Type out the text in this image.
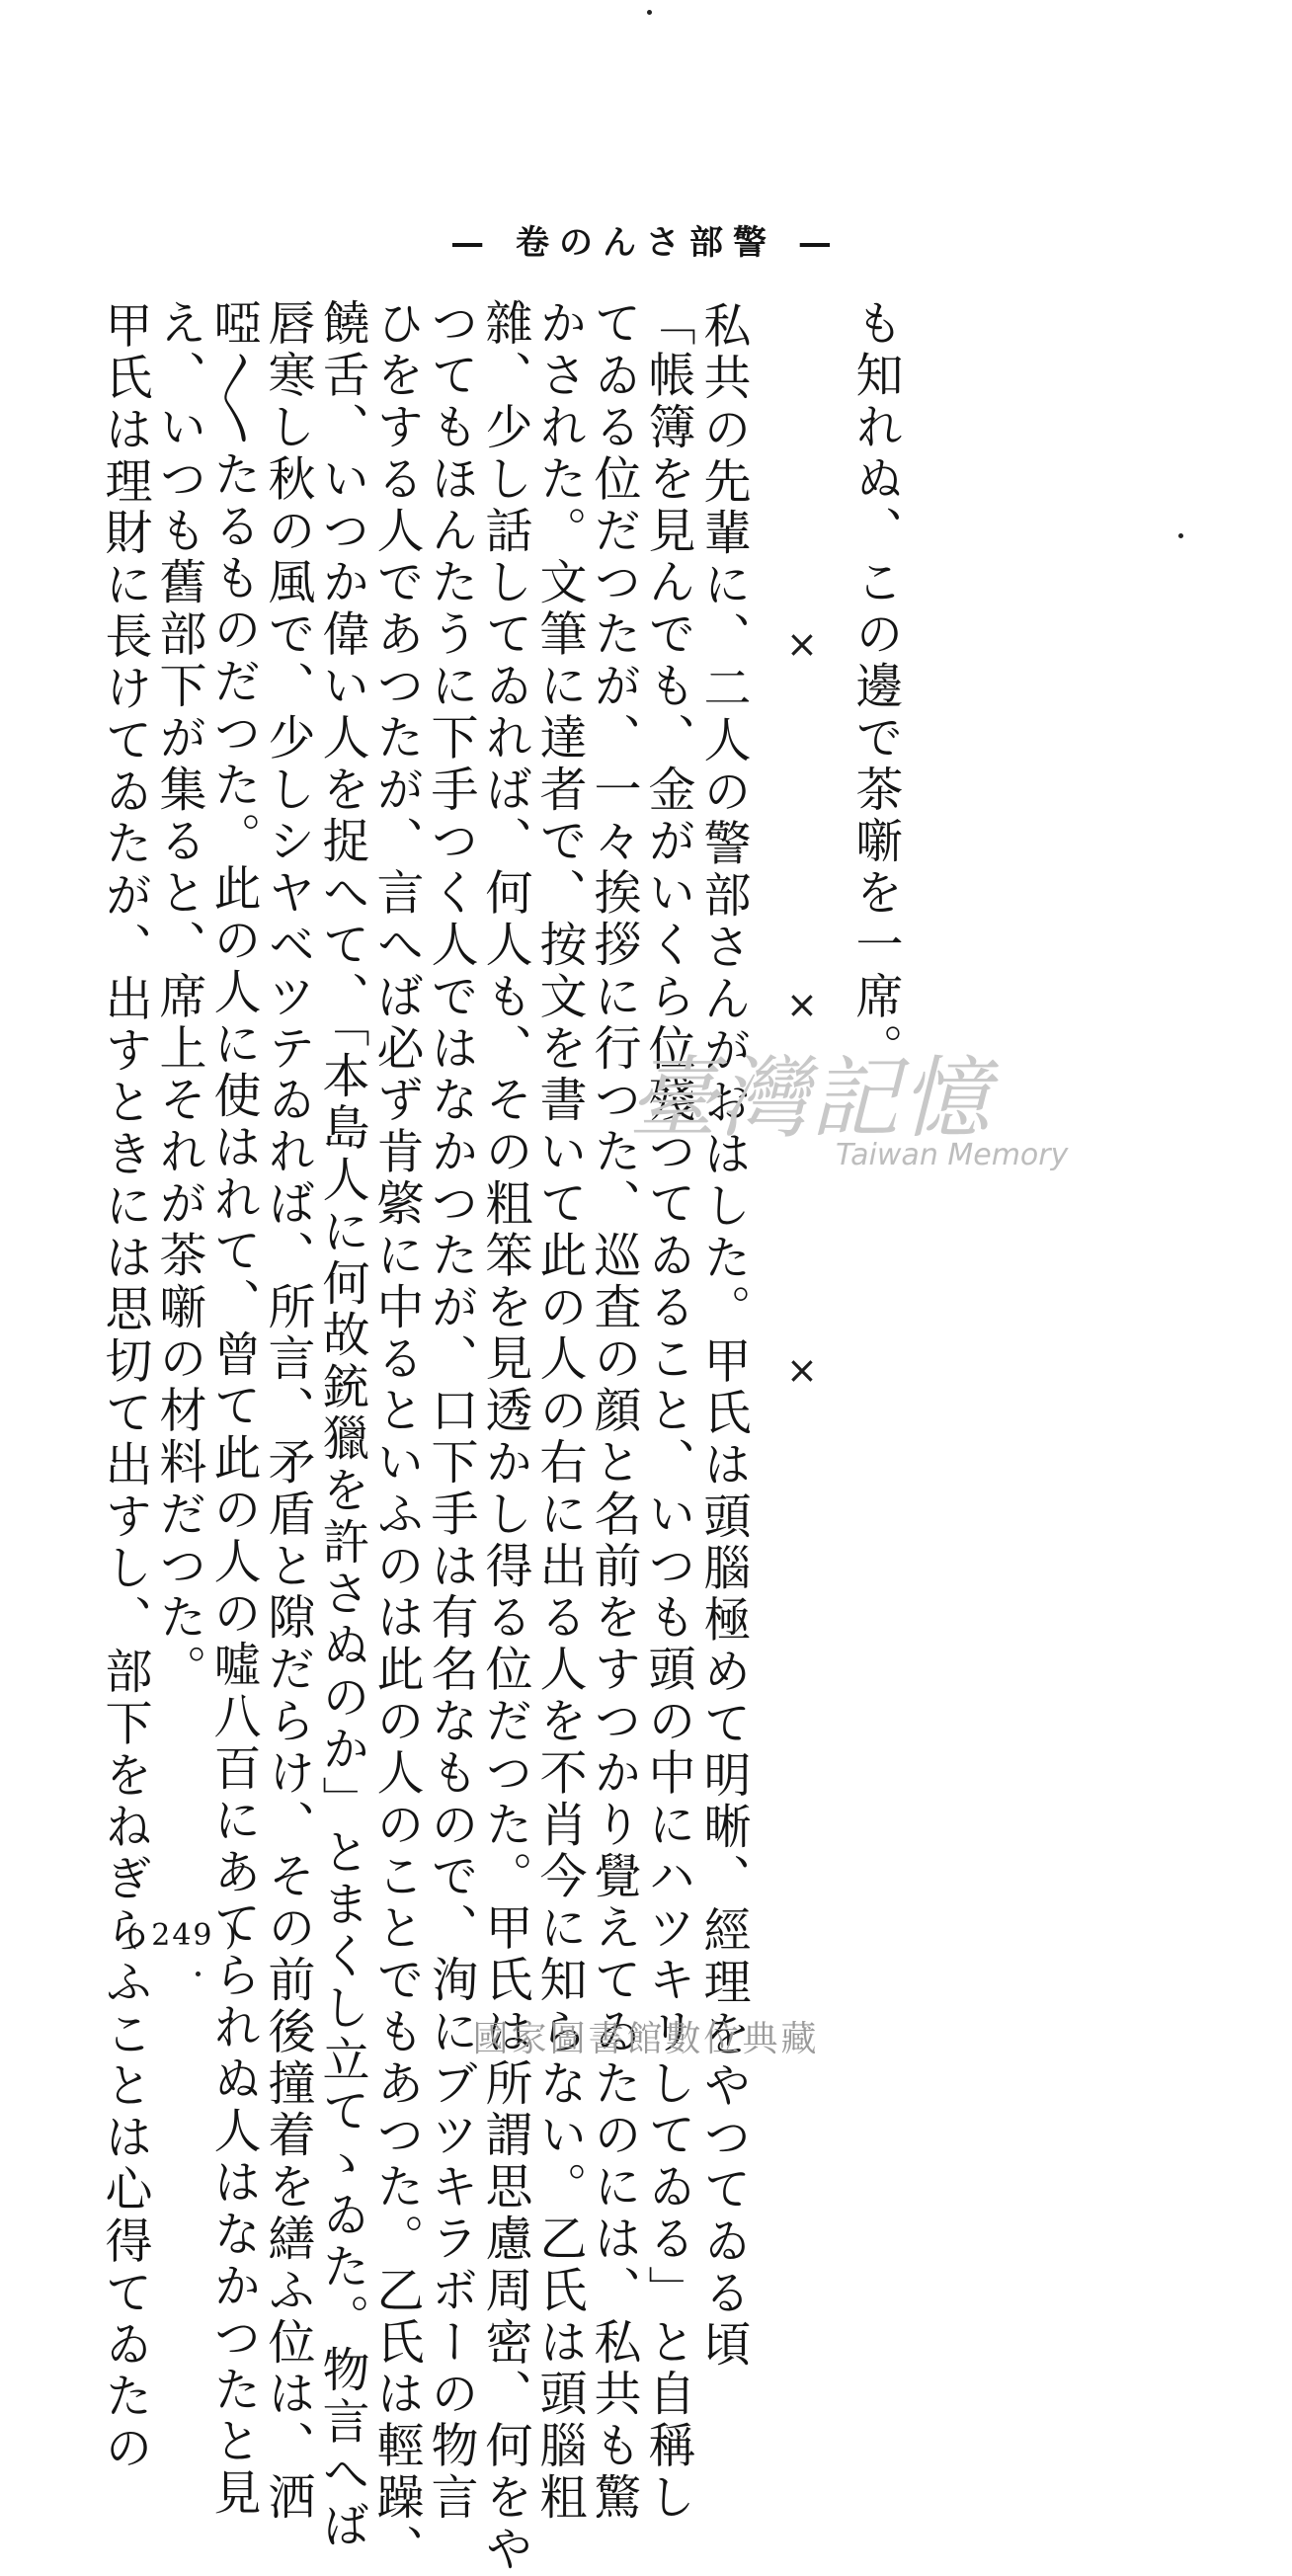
— 卷のんさ部警 —
も知れぬ、この邊で茶噺を一席。
　私共の先輩に、二人の警部さんがおはした。甲氏は頭腦極めて明晰、經理をやつてゐる頃
「帳簿を見んでも、金がいくら位殘つてゐること、いつも頭の中にハツキリしてゐる」と自稱し
てゐる位だつたが、一々挨拶に行つた、巡査の顔と名前をすつかり覺えてゐたのには、私共も驚
かされた。文筆に達者で、按文を書いて此の人の右に出る人を不肖今に知らない。乙氏は頭腦粗
雜、少し話してゐれば、何人も、その粗笨を見透かし得る位だつた。甲氏は所謂思慮周密、何をや
つてもほんたうに下手つく人ではなかつたが、口下手は有名なもので、洵にブツキラボーの物言
ひをする人であつたが、言へば必ず肯綮に中るといふのは此の人のことでもあつた。乙氏は輕躁、
饒舌、いつか偉い人を捉へて、「本島人に何故銃獵を許さぬのか」とまくし立てゝゐた。物言へば
唇寒し秋の風で、少しシヤベツテゐれば、所言、矛盾と隙だらけ、その前後撞着を繕ふ位は、洒
啞〳〵たるものだつた。此の人に使はれて、曾て此の人の噓八百にあてられぬ人はなかつたと見
え、いつも舊部下が集ると、席上それが茶噺の材料だつた。
　甲氏は理財に長けてゐたが、出すときには思切て出すし、部下をねぎらふことは心得てゐたの	×
×
×
( 249 )
臺灣記憶
Taiwan Memory
國家圖書館數位典藏
